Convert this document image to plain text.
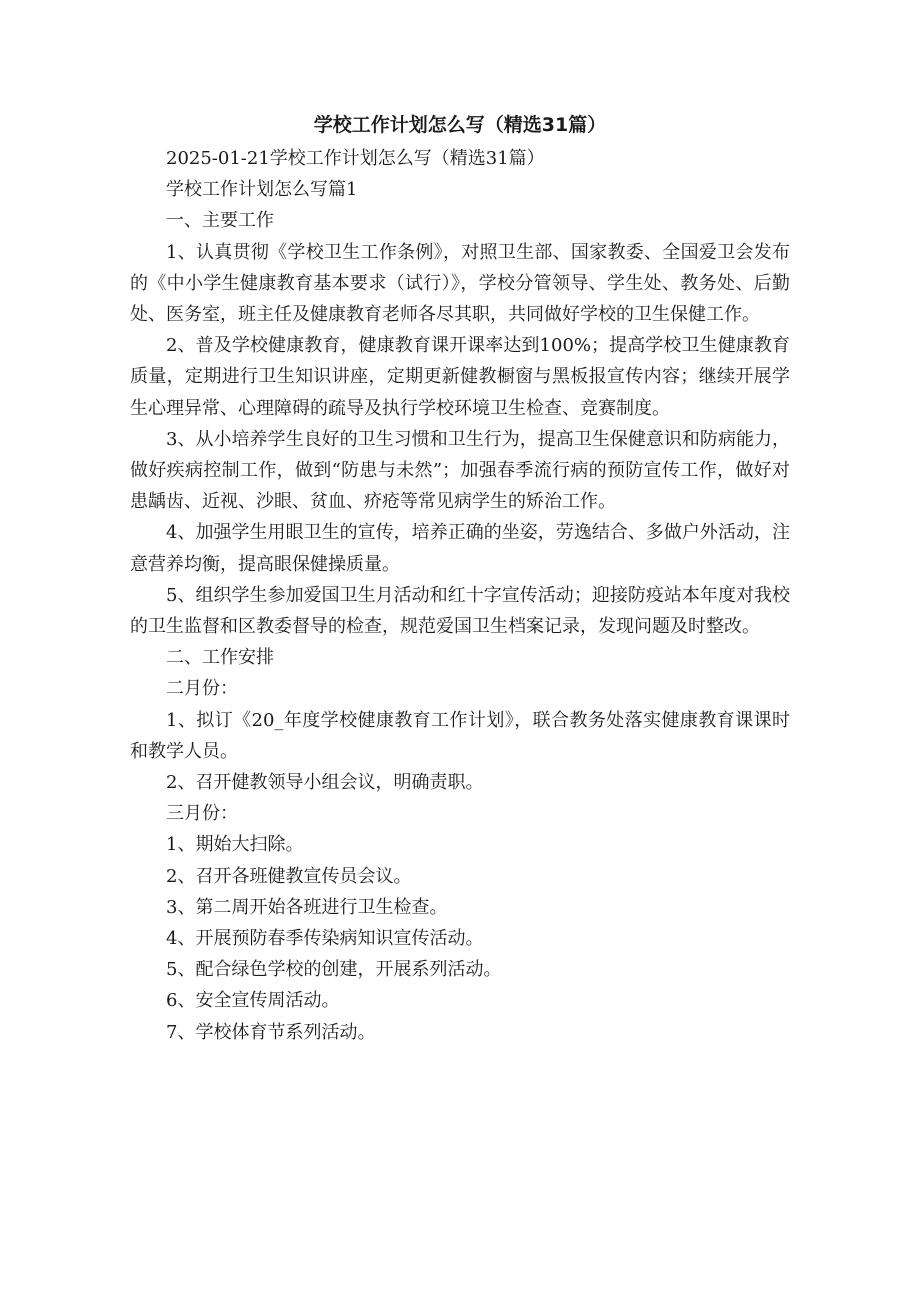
学校工作计划怎么写（精选31篇）

2025-01-21学校工作计划怎么写（精选31篇）

学校工作计划怎么写篇1

一、主要工作

1、认真贯彻《学校卫生工作条例》，对照卫生部、国家教委、全国爱卫会发布的《中小学生健康教育基本要求（试行）》，学校分管领导、学生处、教务处、后勤处、医务室，班主任及健康教育老师各尽其职，共同做好学校的卫生保健工作。

2、普及学校健康教育，健康教育课开课率达到100%；提高学校卫生健康教育质量，定期进行卫生知识讲座，定期更新健教橱窗与黑板报宣传内容；继续开展学生心理异常、心理障碍的疏导及执行学校环境卫生检查、竞赛制度。

3、从小培养学生良好的卫生习惯和卫生行为，提高卫生保健意识和防病能力，做好疾病控制工作，做到“防患与未然”；加强春季流行病的预防宣传工作，做好对患龋齿、近视、沙眼、贫血、疥疮等常见病学生的矫治工作。

4、加强学生用眼卫生的宣传，培养正确的坐姿，劳逸结合、多做户外活动，注意营养均衡，提高眼保健操质量。

5、组织学生参加爱国卫生月活动和红十字宣传活动；迎接防疫站本年度对我校的卫生监督和区教委督导的检查，规范爱国卫生档案记录，发现问题及时整改。

二、工作安排

二月份：

1、拟订《20_年度学校健康教育工作计划》，联合教务处落实健康教育课课时和教学人员。

2、召开健教领导小组会议，明确责职。

三月份：

1、期始大扫除。

2、召开各班健教宣传员会议。

3、第二周开始各班进行卫生检查。

4、开展预防春季传染病知识宣传活动。

5、配合绿色学校的创建，开展系列活动。

6、安全宣传周活动。

7、学校体育节系列活动。
